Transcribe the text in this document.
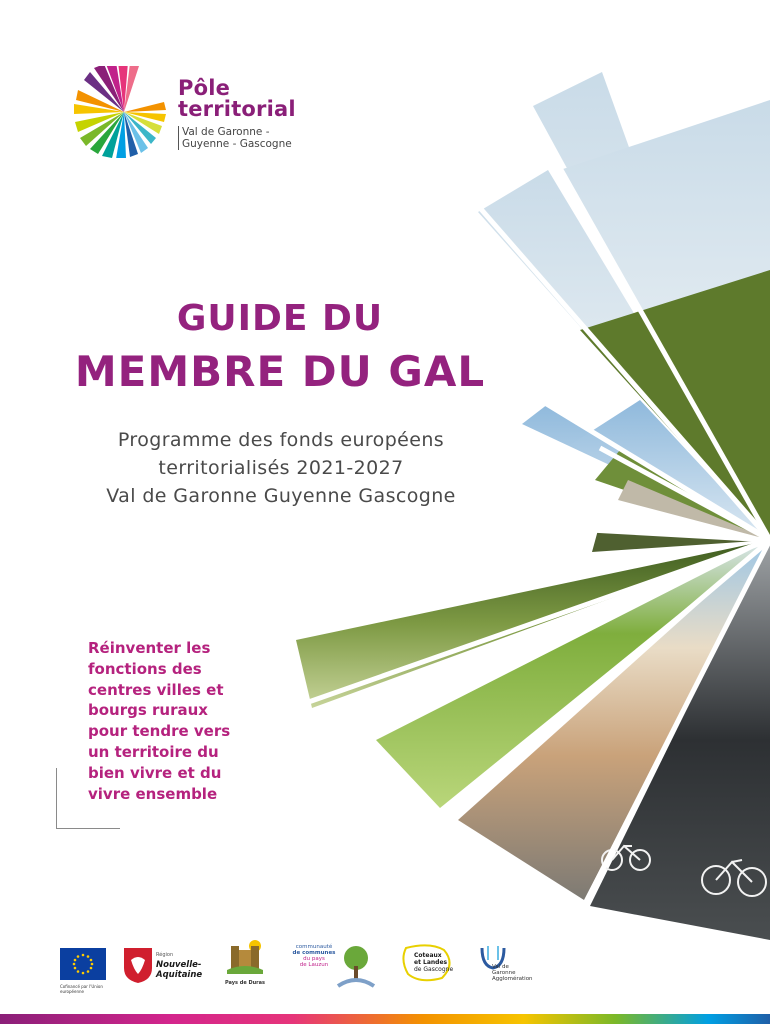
Pôle
territorial
Val de Garonne -
Guyenne - Gascogne
GUIDE DU
MEMBRE DU GAL
Programme des fonds européens
territorialisés 2021-2027
Val de Garonne Guyenne Gascogne
Réinventer les
fonctions des
centres villes et
bourgs ruraux
pour tendre vers
un territoire du
bien vivre et du
vivre ensemble
Cofinancé par l'Union européenne
Région
Nouvelle-
Aquitaine
Pays de Duras
communauté
de communes
du pays
de Lauzun
Coteaux
et Landes
de Gascogne	Val de
Garonne
Agglomération
